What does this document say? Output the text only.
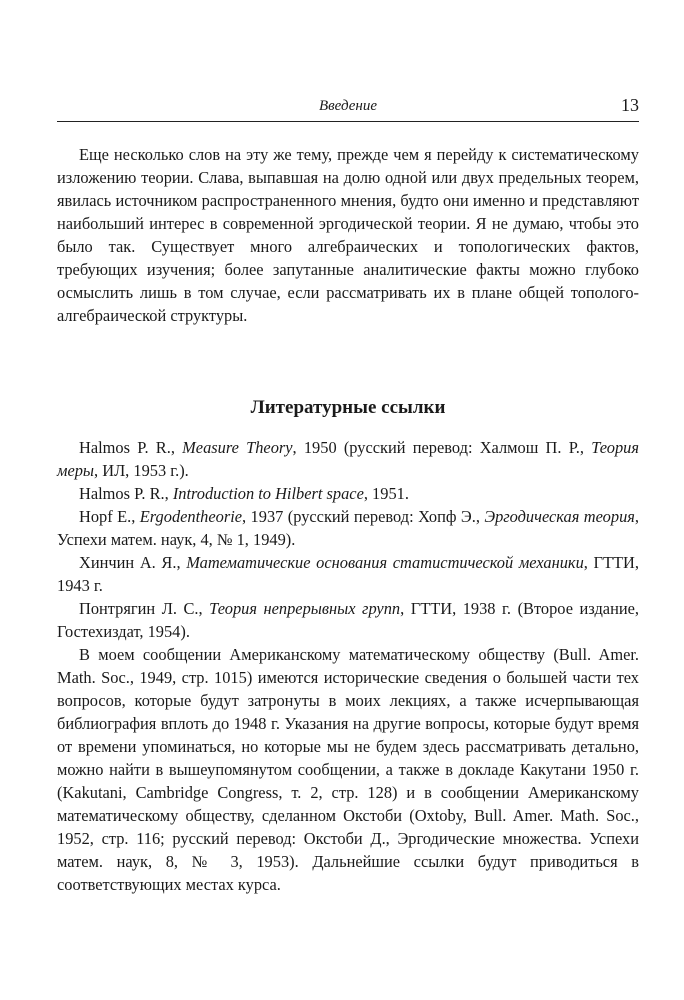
Введение	13

Еще несколько слов на эту же тему, прежде чем я перейду к систематическому изложению теории. Слава, выпавшая на долю одной или двух предельных теорем, явилась источником распространенного мнения, будто они именно и представляют наибольший интерес в современной эргодической теории. Я не думаю, чтобы это было так. Существует много алгебраических и топологических фактов, требующих изучения; более запутанные аналитические факты можно глубоко осмыслить лишь в том случае, если рассматривать их в плане общей тополого-алгебраической структуры.

Литературные ссылки

Halmos P. R., Measure Theory, 1950 (русский перевод: Халмош П. Р., Теория меры, ИЛ, 1953 г.).

Halmos P. R., Introduction to Hilbert space, 1951.

Hopf E., Ergodentheorie, 1937 (русский перевод: Хопф Э., Эргодическая теория, Успехи матем. наук, 4, № 1, 1949).

Хинчин А. Я., Математические основания статистической механики, ГТТИ, 1943 г.

Понтрягин Л. С., Теория непрерывных групп, ГТТИ, 1938 г. (Второе издание, Гостехиздат, 1954).

В моем сообщении Американскому математическому обществу (Bull. Amer. Math. Soc., 1949, стр. 1015) имеются исторические сведения о большей части тех вопросов, которые будут затронуты в моих лекциях, а также исчерпывающая библиография вплоть до 1948 г. Указания на другие вопросы, которые будут время от времени упоминаться, но которые мы не будем здесь рассматривать детально, можно найти в вышеупомянутом сообщении, а также в докладе Какутани 1950 г. (Kakutani, Cambridge Congress, т. 2, стр. 128) и в сообщении Американскому математическому обществу, сделанном Окстоби (Oxtoby, Bull. Amer. Math. Soc., 1952, стр. 116; русский перевод: Окстоби Д., Эргодические множества. Успехи матем. наук, 8, № 3, 1953). Дальнейшие ссылки будут приводиться в соответствующих местах курса.
